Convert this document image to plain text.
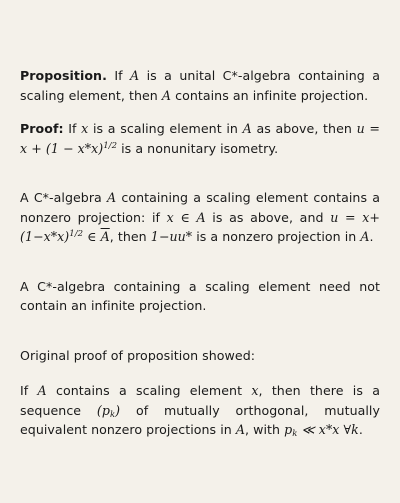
Proposition. If A is a unital C*-algebra containing a scaling element, then A contains an infinite projection.

Proof: If x is a scaling element in A as above, then $u = x + (1 - x*x)^{1/2}$ is a nonunitary isometry.

A C*-algebra A containing a scaling element contains a nonzero projection: if x ∈ A is as above, and $u = x+(1-x*x)^{1/2}$ ∈ $\overline{A}$, then 1−uu* is a nonzero projection in A.

A C*-algebra containing a scaling element need not contain an infinite projection.

Original proof of proposition showed:

If A contains a scaling element x, then there is a sequence $(p_k)$ of mutually orthogonal, mutually equivalent nonzero projections in A, with $p_k$ ≪ x*x ∀k.
